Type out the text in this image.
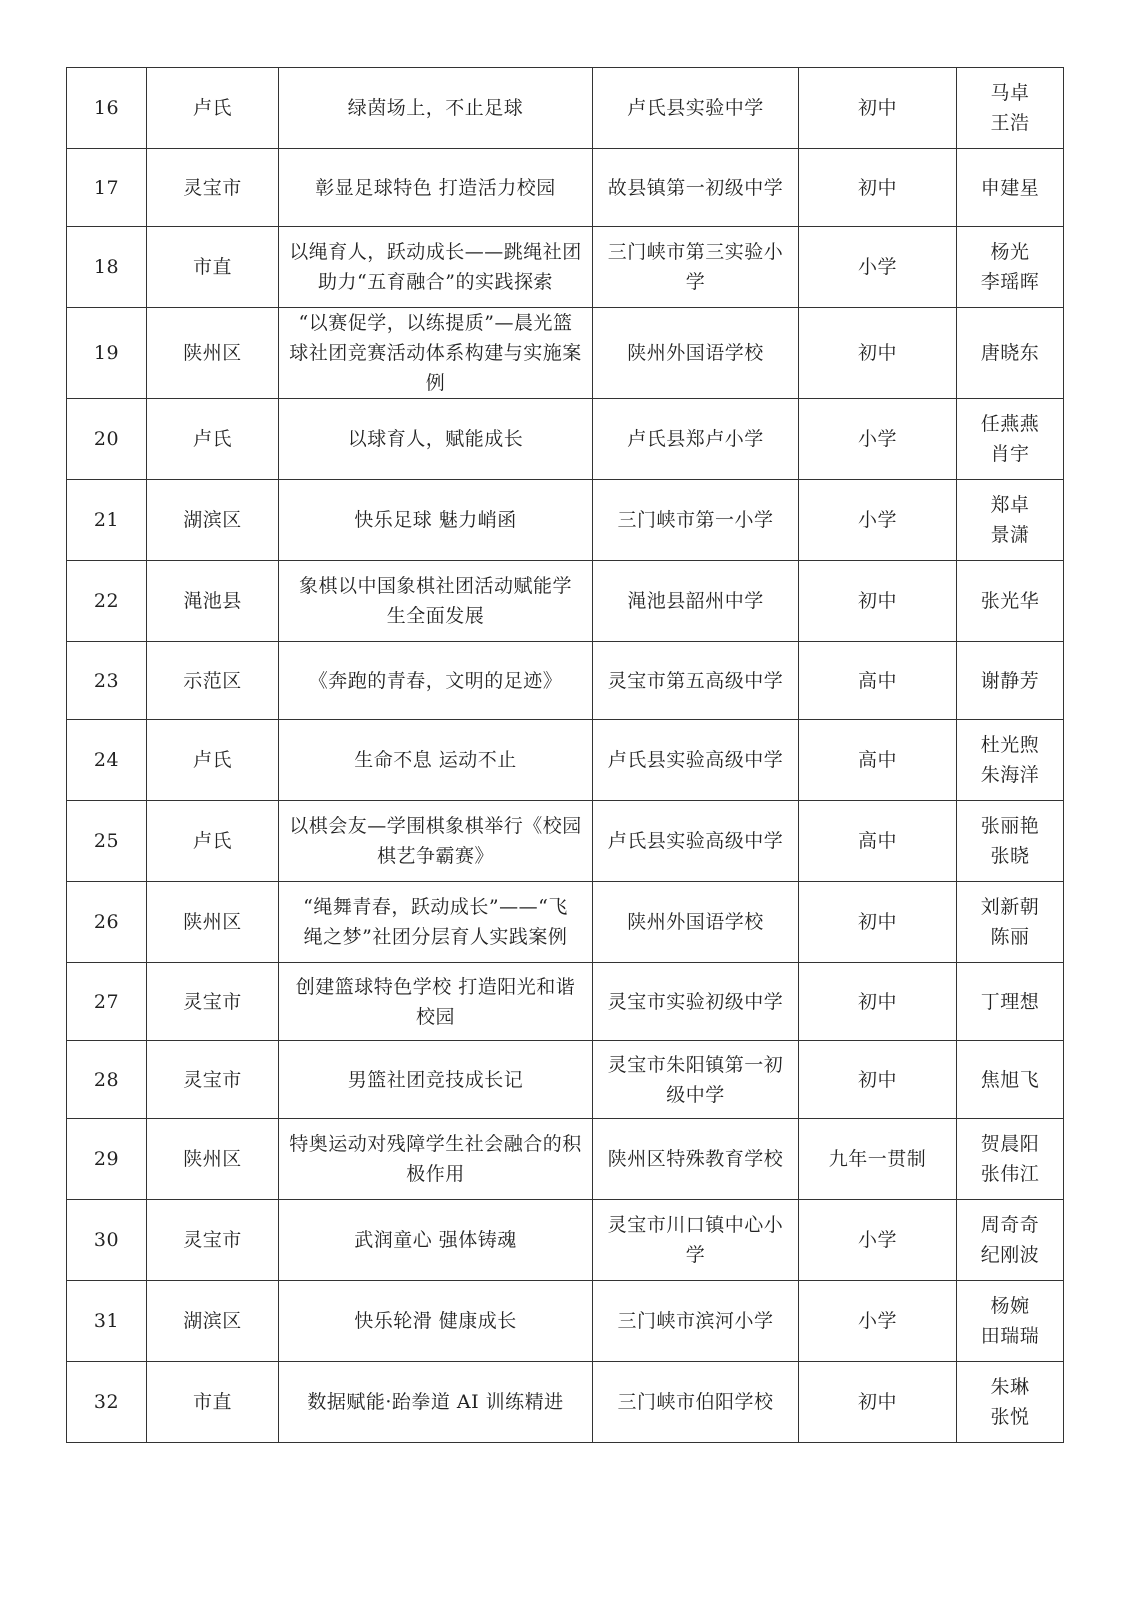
16	卢氏	绿茵场上，不止足球	卢氏县实验中学	初中	马卓
王浩

17	灵宝市	彰显足球特色 打造活力校园	故县镇第一初级中学	初中	申建星

18	市直	以绳育人，跃动成长——跳绳社团
助力“五育融合”的实践探索	三门峡市第三实验小
学	小学	杨光
李瑶晖

19	陕州区	“以赛促学，以练提质”—晨光篮
球社团竞赛活动体系构建与实施案
例	陕州外国语学校	初中	唐晓东

20	卢氏	以球育人，赋能成长	卢氏县郑卢小学	小学	任燕燕
肖宇

21	湖滨区	快乐足球 魅力峭函	三门峡市第一小学	小学	郑卓
景潇

22	渑池县	象棋以中国象棋社团活动赋能学
生全面发展	渑池县韶州中学	初中	张光华

23	示范区	《奔跑的青春，文明的足迹》	灵宝市第五高级中学	高中	谢静芳

24	卢氏	生命不息 运动不止	卢氏县实验高级中学	高中	杜光煦
朱海洋

25	卢氏	以棋会友—学围棋象棋举行《校园
棋艺争霸赛》	卢氏县实验高级中学	高中	张丽艳
张晓

26	陕州区	“绳舞青春，跃动成长”——“飞
绳之梦”社团分层育人实践案例	陕州外国语学校	初中	刘新朝
陈丽

27	灵宝市	创建篮球特色学校 打造阳光和谐
校园	灵宝市实验初级中学	初中	丁理想

28	灵宝市	男篮社团竞技成长记	灵宝市朱阳镇第一初
级中学	初中	焦旭飞

29	陕州区	特奥运动对残障学生社会融合的积
极作用	陕州区特殊教育学校	九年一贯制	贺晨阳
张伟江

30	灵宝市	武润童心 强体铸魂	灵宝市川口镇中心小
学	小学	周奇奇
纪刚波

31	湖滨区	快乐轮滑 健康成长	三门峡市滨河小学	小学	杨婉
田瑞瑞

32	市直	数据赋能·跆拳道 AI 训练精进	三门峡市伯阳学校	初中	朱琳
张悦
